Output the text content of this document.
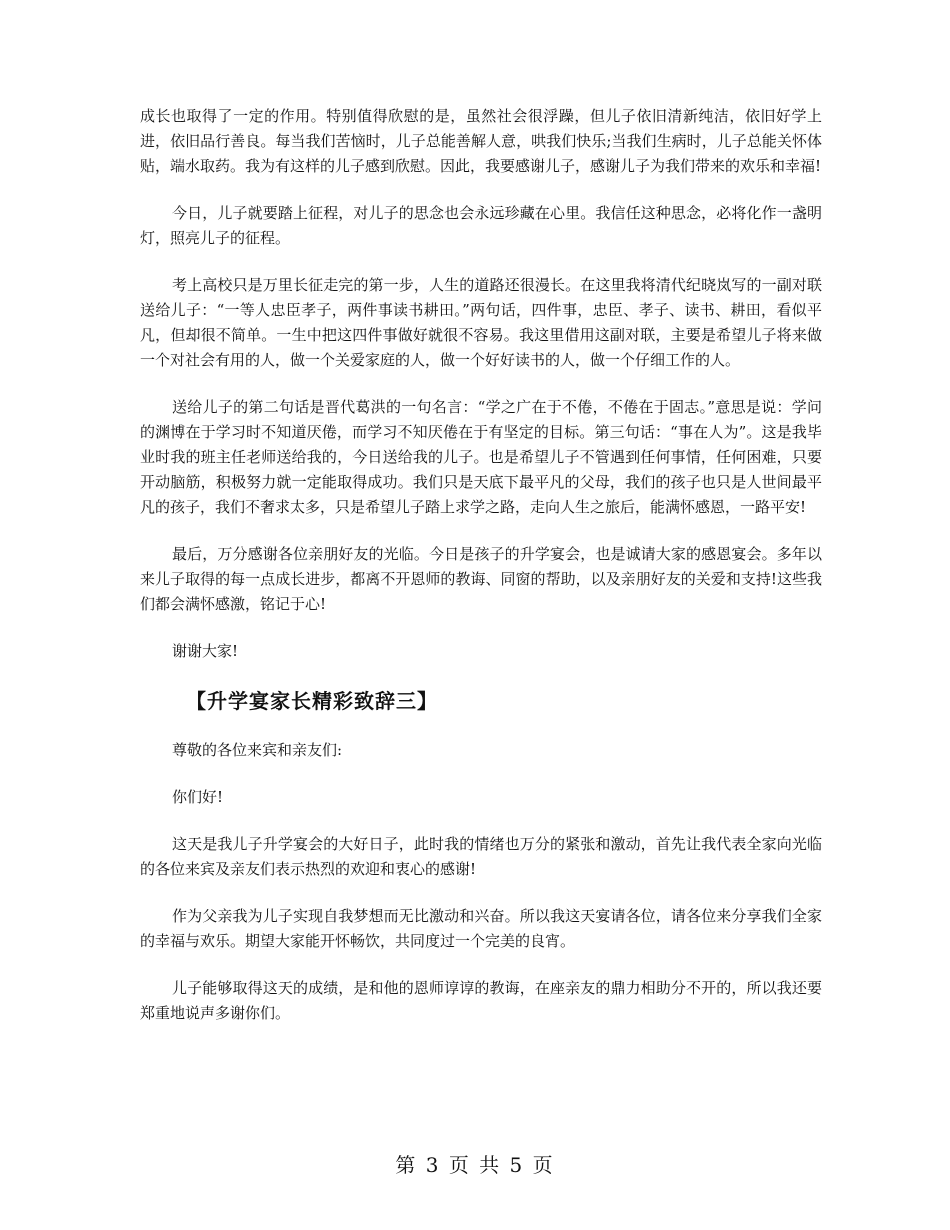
成长也取得了一定的作用。特别值得欣慰的是，虽然社会很浮躁，但儿子依旧清新纯洁，依旧好学上进，依旧品行善良。每当我们苦恼时，儿子总能善解人意，哄我们快乐;当我们生病时，儿子总能关怀体贴，端水取药。我为有这样的儿子感到欣慰。因此，我要感谢儿子，感谢儿子为我们带来的欢乐和幸福!

今日，儿子就要踏上征程，对儿子的思念也会永远珍藏在心里。我信任这种思念，必将化作一盏明灯，照亮儿子的征程。

考上高校只是万里长征走完的第一步，人生的道路还很漫长。在这里我将清代纪晓岚写的一副对联送给儿子：“一等人忠臣孝子，两件事读书耕田。”两句话，四件事，忠臣、孝子、读书、耕田，看似平凡，但却很不简单。一生中把这四件事做好就很不容易。我这里借用这副对联，主要是希望儿子将来做一个对社会有用的人，做一个关爱家庭的人，做一个好好读书的人，做一个仔细工作的人。

送给儿子的第二句话是晋代葛洪的一句名言：“学之广在于不倦，不倦在于固志。”意思是说：学问的渊博在于学习时不知道厌倦，而学习不知厌倦在于有坚定的目标。第三句话：“事在人为”。这是我毕业时我的班主任老师送给我的，今日送给我的儿子。也是希望儿子不管遇到任何事情，任何困难，只要开动脑筋，积极努力就一定能取得成功。我们只是天底下最平凡的父母，我们的孩子也只是人世间最平凡的孩子，我们不奢求太多，只是希望儿子踏上求学之路，走向人生之旅后，能满怀感恩，一路平安!

最后，万分感谢各位亲朋好友的光临。今日是孩子的升学宴会，也是诚请大家的感恩宴会。多年以来儿子取得的每一点成长进步，都离不开恩师的教诲、同窗的帮助，以及亲朋好友的关爱和支持!这些我们都会满怀感激，铭记于心!

谢谢大家!

【升学宴家长精彩致辞三】

尊敬的各位来宾和亲友们:

你们好!

这天是我儿子升学宴会的大好日子，此时我的情绪也万分的紧张和激动，首先让我代表全家向光临的各位来宾及亲友们表示热烈的欢迎和衷心的感谢!

作为父亲我为儿子实现自我梦想而无比激动和兴奋。所以我这天宴请各位，请各位来分享我们全家的幸福与欢乐。期望大家能开怀畅饮，共同度过一个完美的良宵。

儿子能够取得这天的成绩，是和他的恩师谆谆的教诲，在座亲友的鼎力相助分不开的，所以我还要郑重地说声多谢你们。

第 3 页 共 5 页
